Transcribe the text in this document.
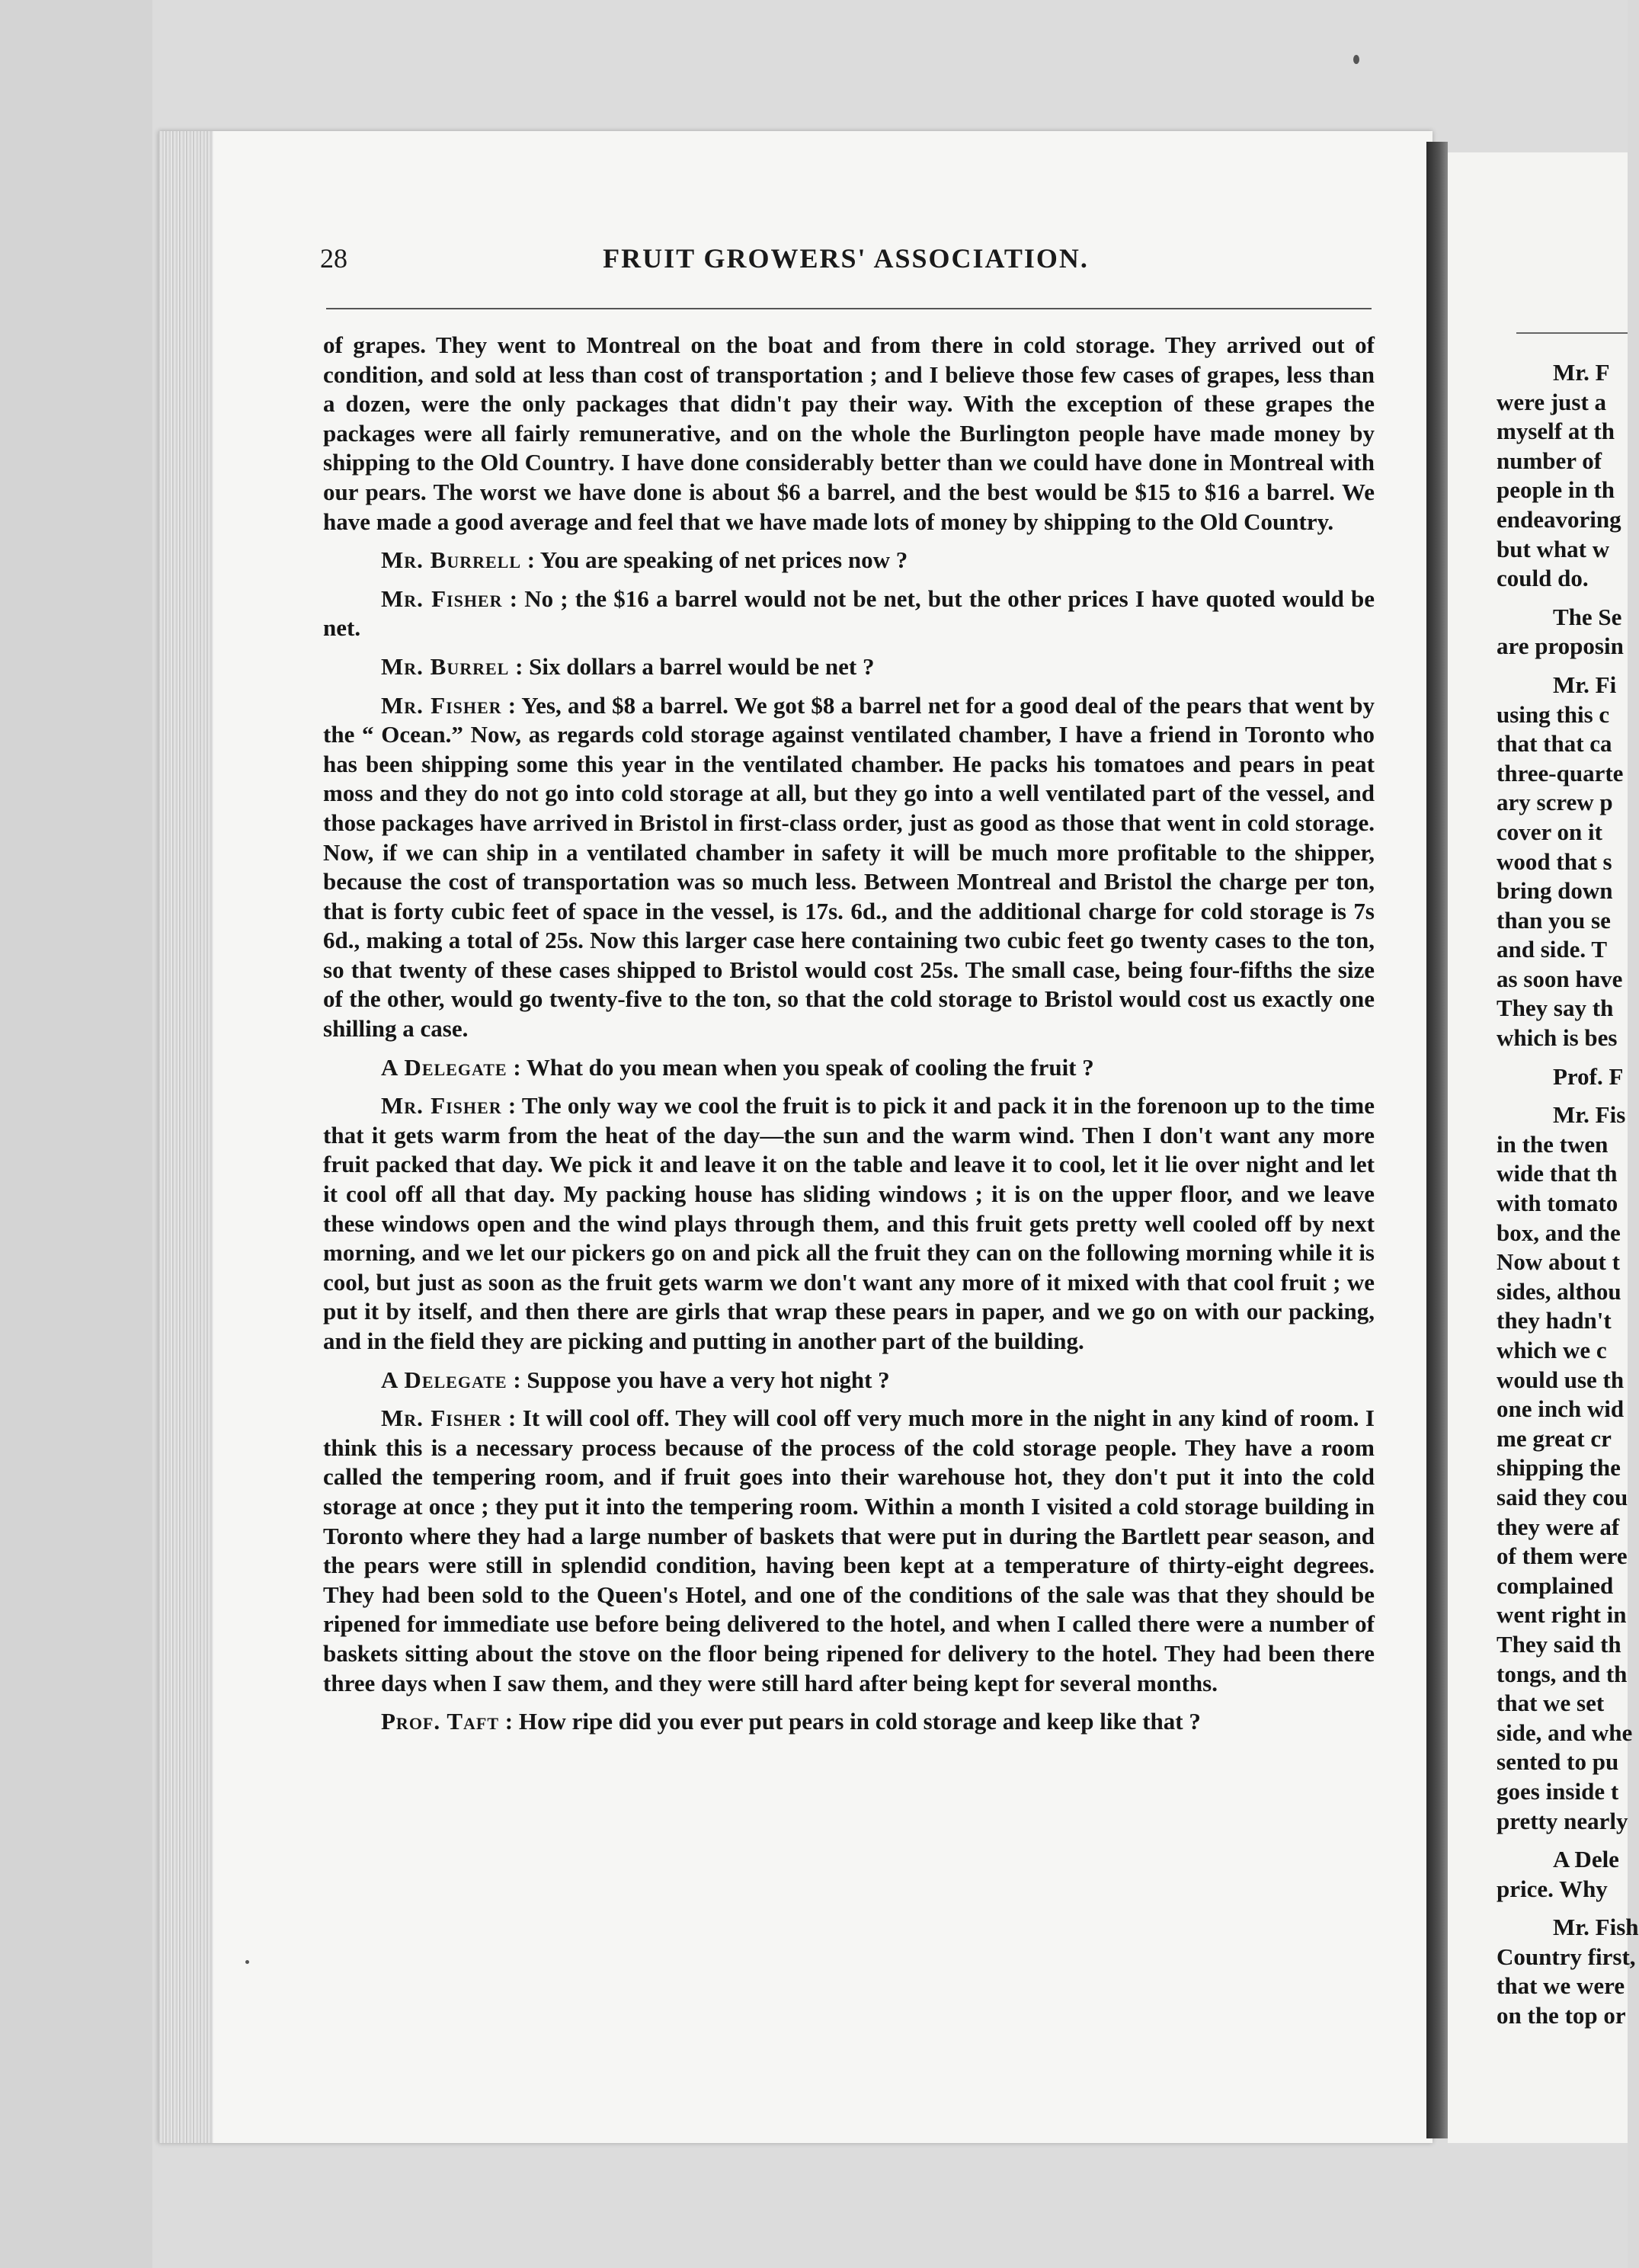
28	FRUIT GROWERS' ASSOCIATION.

of grapes. They went to Montreal on the boat and from there in cold storage. They arrived out of condition, and sold at less than cost of transportation ; and I believe those few cases of grapes, less than a dozen, were the only packages that didn't pay their way. With the exception of these grapes the packages were all fairly remunerative, and on the whole the Burlington people have made money by shipping to the Old Country. I have done considerably better than we could have done in Montreal with our pears. The worst we have done is about $6 a barrel, and the best would be $15 to $16 a barrel. We have made a good average and feel that we have made lots of money by shipping to the Old Country.

Mr. Burrell : You are speaking of net prices now ?

Mr. Fisher : No ; the $16 a barrel would not be net, but the other prices I have quoted would be net.

Mr. Burrel : Six dollars a barrel would be net ?

Mr. Fisher : Yes, and $8 a barrel. We got $8 a barrel net for a good deal of the pears that went by the “ Ocean.” Now, as regards cold storage against ventilated chamber, I have a friend in Toronto who has been shipping some this year in the ventilated chamber. He packs his tomatoes and pears in peat moss and they do not go into cold storage at all, but they go into a well ventilated part of the vessel, and those packages have arrived in Bristol in first-class order, just as good as those that went in cold storage. Now, if we can ship in a ventilated chamber in safety it will be much more profitable to the shipper, because the cost of transportation was so much less. Between Montreal and Bristol the charge per ton, that is forty cubic feet of space in the vessel, is 17s. 6d., and the additional charge for cold storage is 7s 6d., making a total of 25s. Now this larger case here containing two cubic feet go twenty cases to the ton, so that twenty of these cases shipped to Bristol would cost 25s. The small case, being four-fifths the size of the other, would go twenty-five to the ton, so that the cold storage to Bristol would cost us exactly one shilling a case.

A Delegate : What do you mean when you speak of cooling the fruit ?

Mr. Fisher : The only way we cool the fruit is to pick it and pack it in the forenoon up to the time that it gets warm from the heat of the day—the sun and the warm wind. Then I don't want any more fruit packed that day. We pick it and leave it on the table and leave it to cool, let it lie over night and let it cool off all that day. My packing house has sliding windows ; it is on the upper floor, and we leave these windows open and the wind plays through them, and this fruit gets pretty well cooled off by next morning, and we let our pickers go on and pick all the fruit they can on the following morning while it is cool, but just as soon as the fruit gets warm we don't want any more of it mixed with that cool fruit ; we put it by itself, and then there are girls that wrap these pears in paper, and we go on with our packing, and in the field they are picking and putting in another part of the building.

A Delegate : Suppose you have a very hot night ?

Mr. Fisher : It will cool off. They will cool off very much more in the night in any kind of room. I think this is a necessary process because of the process of the cold storage people. They have a room called the tempering room, and if fruit goes into their warehouse hot, they don't put it into the cold storage at once ; they put it into the tempering room. Within a month I visited a cold storage building in Toronto where they had a large number of baskets that were put in during the Bartlett pear season, and the pears were still in splendid condition, having been kept at a temperature of thirty-eight degrees. They had been sold to the Queen's Hotel, and one of the conditions of the sale was that they should be ripened for immediate use before being delivered to the hotel, and when I called there were a number of baskets sitting about the stove on the floor being ripened for delivery to the hotel. They had been there three days when I saw them, and they were still hard after being kept for several months.

Prof. Taft : How ripe did you ever put pears in cold storage and keep like that ?

Mr. F
were just a
myself at th
number of
people in th
endeavoring
but what w
could do.
The Se
are proposin
Mr. Fi
using this c
that that ca
three-quarte
ary screw p
cover on it
wood that s
bring down
than you se
and side. T
as soon have
They say th
which is bes
Prof. F
Mr. Fis
in the twen
wide that th
with tomato
box, and the
Now about t
sides, althou
they hadn't
which we c
would use th
one inch wid
me great cr
shipping the
said they cou
they were af
of them were
complained
went right in
They said th
tongs, and th
that we set
side, and whe
sented to pu
goes inside t
pretty nearly
A Dele
price. Why
Mr. Fish
Country first,
that we were
on the top or
